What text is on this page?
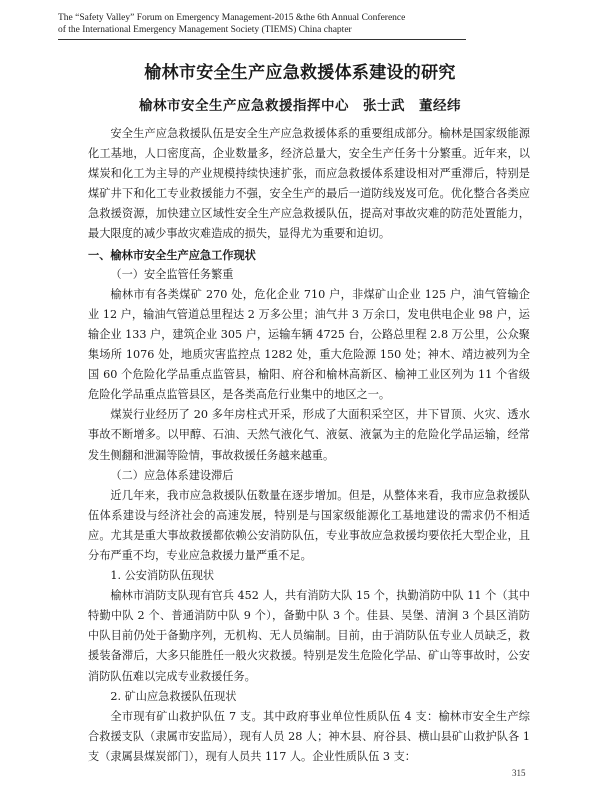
The “Safety Valley” Forum on Emergency Management-2015 &the 6th Annual Conference
of the International Emergency Management Society (TIEMS) China chapter
榆林市安全生产应急救援体系建设的研究
榆林市安全生产应急救援指挥中心　张士武　董经纬

安全生产应急救援队伍是安全生产应急救援体系的重要组成部分。榆林是国家级能源化工基地，人口密度高，企业数量多，经济总量大，安全生产任务十分繁重。近年来，以煤炭和化工为主导的产业规模持续快速扩张，而应急救援体系建设相对严重滞后，特别是煤矿井下和化工专业救援能力不强，安全生产的最后一道防线岌岌可危。优化整合各类应急救援资源，加快建立区域性安全生产应急救援队伍，提高对事故灾难的防范处置能力，最大限度的减少事故灾难造成的损失，显得尤为重要和迫切。

一、榆林市安全生产应急工作现状

（一）安全监管任务繁重

榆林市有各类煤矿 270 处，危化企业 710 户，非煤矿山企业 125 户，油气管输企业 12 户，输油气管道总里程达 2 万多公里；油气井 3 万余口，发电供电企业 98 户，运输企业 133 户，建筑企业 305 户，运输车辆 4725 台，公路总里程 2.8 万公里，公众聚集场所 1076 处，地质灾害监控点 1282 处，重大危险源 150 处；神木、靖边被列为全国 60 个危险化学品重点监管县，榆阳、府谷和榆林高新区、榆神工业区列为 11 个省级危险化学品重点监管县区，是各类高危行业集中的地区之一。

煤炭行业经历了 20 多年房柱式开采，形成了大面积采空区，井下冒顶、火灾、透水事故不断增多。以甲醇、石油、天然气液化气、液氨、液氯为主的危险化学品运输，经常发生侧翻和泄漏等险情，事故救援任务越来越重。

（二）应急体系建设滞后

近几年来，我市应急救援队伍数量在逐步增加。但是，从整体来看，我市应急救援队伍体系建设与经济社会的高速发展，特别是与国家级能源化工基地建设的需求仍不相适应。尤其是重大事故救援都依赖公安消防队伍，专业事故应急救援均要依托大型企业，且分布严重不均，专业应急救援力量严重不足。

1. 公安消防队伍现状

榆林市消防支队现有官兵 452 人，共有消防大队 15 个，执勤消防中队 11 个（其中特勤中队 2 个、普通消防中队 9 个），备勤中队 3 个。佳县、吴堡、清涧 3 个县区消防中队目前仍处于备勤序列，无机构、无人员编制。目前，由于消防队伍专业人员缺乏，救援装备滞后，大多只能胜任一般火灾救援。特别是发生危险化学品、矿山等事故时，公安消防队伍难以完成专业救援任务。

2. 矿山应急救援队伍现状

全市现有矿山救护队伍 7 支。其中政府事业单位性质队伍 4 支：榆林市安全生产综合救援支队（隶属市安监局），现有人员 28 人；神木县、府谷县、横山县矿山救护队各 1 支（隶属县煤炭部门），现有人员共 117 人。企业性质队伍 3 支：

315
